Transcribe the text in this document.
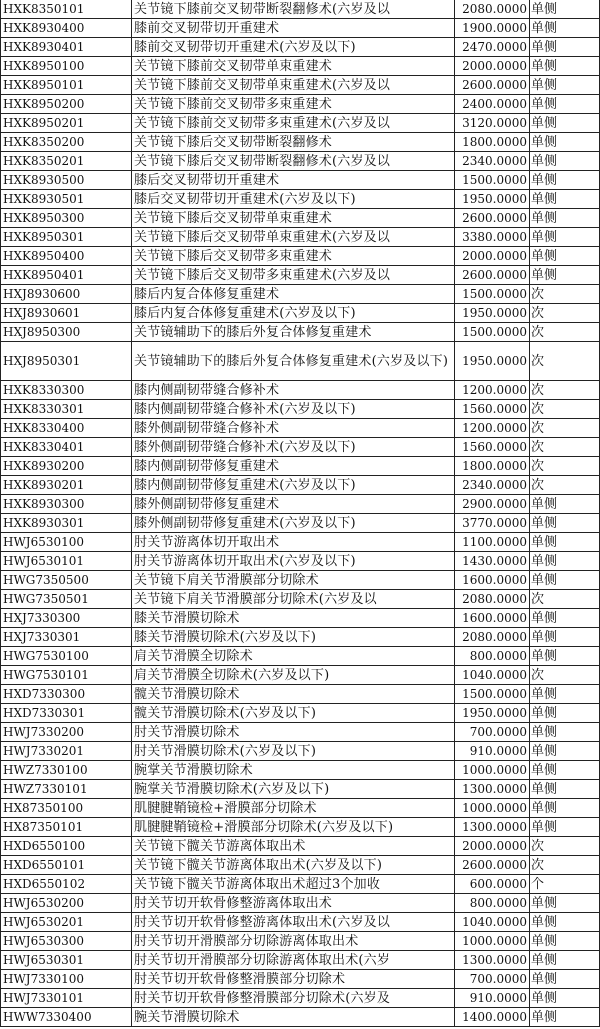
HXK8350101	关节镜下膝前交叉韧带断裂翻修术(六岁及以	2080.0000	单侧
HXK8930400	膝前交叉韧带切开重建术	1900.0000	单侧
HXK8930401	膝前交叉韧带切开重建术(六岁及以下)	2470.0000	单侧
HXK8950100	关节镜下膝前交叉韧带单束重建术	2000.0000	单侧
HXK8950101	关节镜下膝前交叉韧带单束重建术(六岁及以	2600.0000	单侧
HXK8950200	关节镜下膝前交叉韧带多束重建术	2400.0000	单侧
HXK8950201	关节镜下膝前交叉韧带多束重建术(六岁及以	3120.0000	单侧
HXK8350200	关节镜下膝后交叉韧带断裂翻修术	1800.0000	单侧
HXK8350201	关节镜下膝后交叉韧带断裂翻修术(六岁及以	2340.0000	单侧
HXK8930500	膝后交叉韧带切开重建术	1500.0000	单侧
HXK8930501	膝后交叉韧带切开重建术(六岁及以下)	1950.0000	单侧
HXK8950300	关节镜下膝后交叉韧带单束重建术	2600.0000	单侧
HXK8950301	关节镜下膝后交叉韧带单束重建术(六岁及以	3380.0000	单侧
HXK8950400	关节镜下膝后交叉韧带多束重建术	2000.0000	单侧
HXK8950401	关节镜下膝后交叉韧带多束重建术(六岁及以	2600.0000	单侧
HXJ8930600	膝后内复合体修复重建术	1500.0000	次
HXJ8930601	膝后内复合体修复重建术(六岁及以下)	1950.0000	次
HXJ8950300	关节镜辅助下的膝后外复合体修复重建术	1500.0000	次
HXJ8950301	关节镜辅助下的膝后外复合体修复重建术(六岁及以下)	1950.0000	次
HXK8330300	膝内侧副韧带缝合修补术	1200.0000	次
HXK8330301	膝内侧副韧带缝合修补术(六岁及以下)	1560.0000	次
HXK8330400	膝外侧副韧带缝合修补术	1200.0000	次
HXK8330401	膝外侧副韧带缝合修补术(六岁及以下)	1560.0000	次
HXK8930200	膝内侧副韧带修复重建术	1800.0000	次
HXK8930201	膝内侧副韧带修复重建术(六岁及以下)	2340.0000	次
HXK8930300	膝外侧副韧带修复重建术	2900.0000	单侧
HXK8930301	膝外侧副韧带修复重建术(六岁及以下)	3770.0000	单侧
HWJ6530100	肘关节游离体切开取出术	1100.0000	单侧
HWJ6530101	肘关节游离体切开取出术(六岁及以下)	1430.0000	单侧
HWG7350500	关节镜下肩关节滑膜部分切除术	1600.0000	单侧
HWG7350501	关节镜下肩关节滑膜部分切除术(六岁及以	2080.0000	次
HXJ7330300	膝关节滑膜切除术	1600.0000	单侧
HXJ7330301	膝关节滑膜切除术(六岁及以下)	2080.0000	单侧
HWG7530100	肩关节滑膜全切除术	800.0000	单侧
HWG7530101	肩关节滑膜全切除术(六岁及以下)	1040.0000	次
HXD7330300	髋关节滑膜切除术	1500.0000	单侧
HXD7330301	髋关节滑膜切除术(六岁及以下)	1950.0000	单侧
HWJ7330200	肘关节滑膜切除术	700.0000	单侧
HWJ7330201	肘关节滑膜切除术(六岁及以下)	910.0000	单侧
HWZ7330100	腕掌关节滑膜切除术	1000.0000	单侧
HWZ7330101	腕掌关节滑膜切除术(六岁及以下)	1300.0000	单侧
HX87350100	肌腱腱鞘镜检+滑膜部分切除术	1000.0000	单侧
HX87350101	肌腱腱鞘镜检+滑膜部分切除术(六岁及以下)	1300.0000	单侧
HXD6550100	关节镜下髋关节游离体取出术	2000.0000	次
HXD6550101	关节镜下髋关节游离体取出术(六岁及以下)	2600.0000	次
HXD6550102	关节镜下髋关节游离体取出术超过3个加收	600.0000	个
HWJ6530200	肘关节切开软骨修整游离体取出术	800.0000	单侧
HWJ6530201	肘关节切开软骨修整游离体取出术(六岁及以	1040.0000	单侧
HWJ6530300	肘关节切开滑膜部分切除游离体取出术	1000.0000	单侧
HWJ6530301	肘关节切开滑膜部分切除游离体取出术(六岁	1300.0000	单侧
HWJ7330100	肘关节切开软骨修整滑膜部分切除术	700.0000	单侧
HWJ7330101	肘关节切开软骨修整滑膜部分切除术(六岁及	910.0000	单侧
HWW7330400	腕关节滑膜切除术	1400.0000	单侧
